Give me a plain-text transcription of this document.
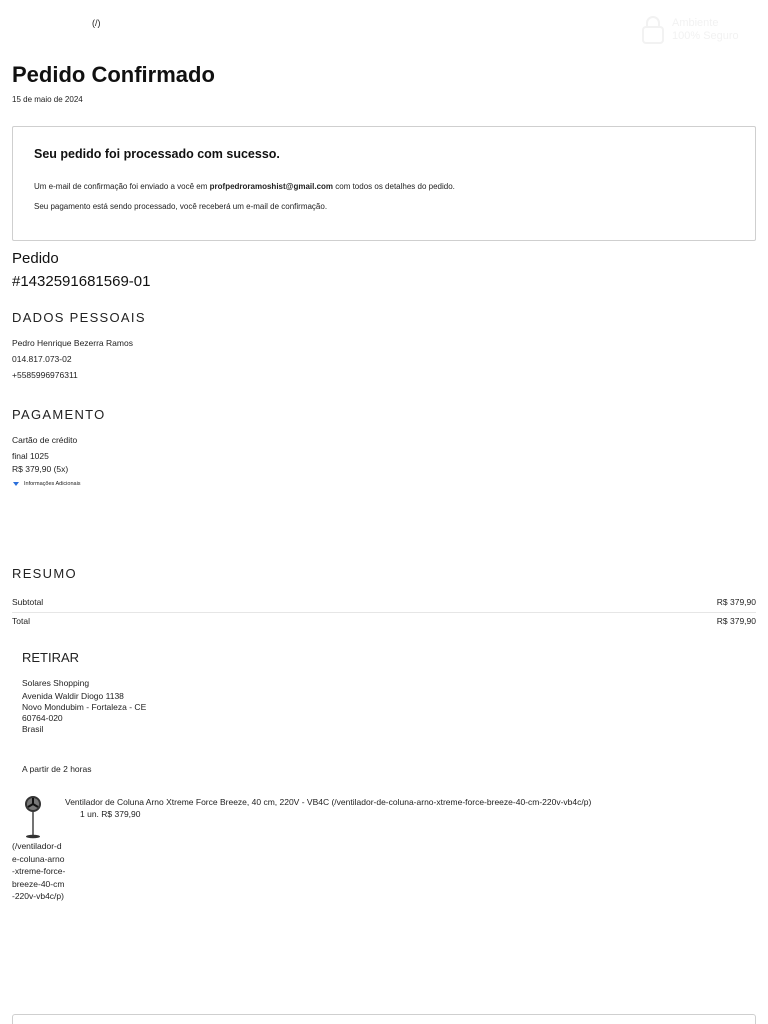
(/)	Ambiente
100% Seguro
Pedido Confirmado
15 de maio de 2024
Seu pedido foi processado com sucesso.
Um e-mail de confirmação foi enviado a você em profpedroramoshist@gmail.com com todos os detalhes do pedido.
Seu pagamento está sendo processado, você receberá um e-mail de confirmação.
Pedido
#1432591681569-01
DADOS PESSOAIS
Pedro Henrique Bezerra Ramos
014.817.073-02
+5585996976311
PAGAMENTO
Cartão de crédito
final 1025
R$ 379,90 (5x)
Informações Adicionais
RESUMO
Subtotal	R$ 379,90
Total	R$ 379,90
RETIRAR
Solares Shopping
Avenida Waldir Diogo 1138
Novo Mondubim - Fortaleza - CE
60764-020
Brasil
A partir de 2 horas
Ventilador de Coluna Arno Xtreme Force Breeze, 40 cm, 220V - VB4C (/ventilador-de-coluna-arno-xtreme-force-breeze-40-cm-220v-vb4c/p)
1 un. R$ 379,90
(/ventilador-de-coluna-arno-xtreme-force-breeze-40-cm-220v-vb4c/p)
